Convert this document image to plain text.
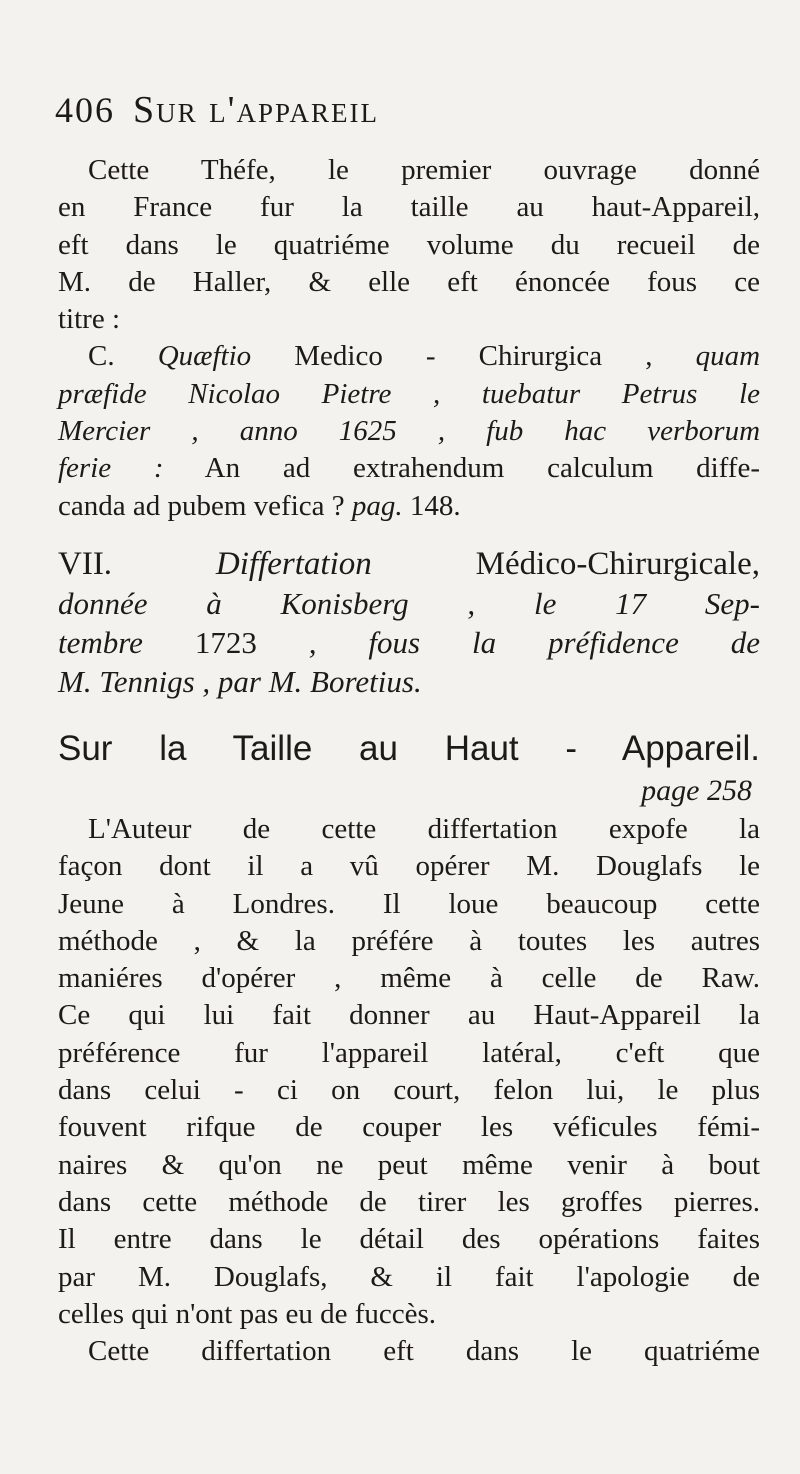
406 Sur l'appareil
Cette Théfe, le premier ouvrage donné
en France fur la taille au haut-Appareil,
eft dans le quatriéme volume du recueil de
M. de Haller, & elle eft énoncée fous ce
titre :
C. Quæftio Medico - Chirurgica , quam
præfide Nicolao Pietre , tuebatur Petrus le
Mercier , anno 1625 , fub hac verborum
ferie : An ad extrahendum calculum diffe-
canda ad pubem vefica ? pag. 148.
VII. Differtation Médico-Chirurgicale,
donnée à Konisberg , le 17 Sep-
tembre 1723 , fous la préfidence de
M. Tennigs , par M. Boretius.
Sur la Taille au Haut - Appareil.
page 258
L'Auteur de cette differtation expofe la
façon dont il a vû opérer M. Douglafs le
Jeune à Londres. Il loue beaucoup cette
méthode , & la préfére à toutes les autres
maniéres d'opérer , même à celle de Raw.
Ce qui lui fait donner au Haut-Appareil la
préférence fur l'appareil latéral, c'eft que
dans celui - ci on court, felon lui, le plus
fouvent rifque de couper les véficules fémi-
naires & qu'on ne peut même venir à bout
dans cette méthode de tirer les groffes pierres.
Il entre dans le détail des opérations faites
par M. Douglafs, & il fait l'apologie de
celles qui n'ont pas eu de fuccès.
Cette differtation eft dans le quatriéme
